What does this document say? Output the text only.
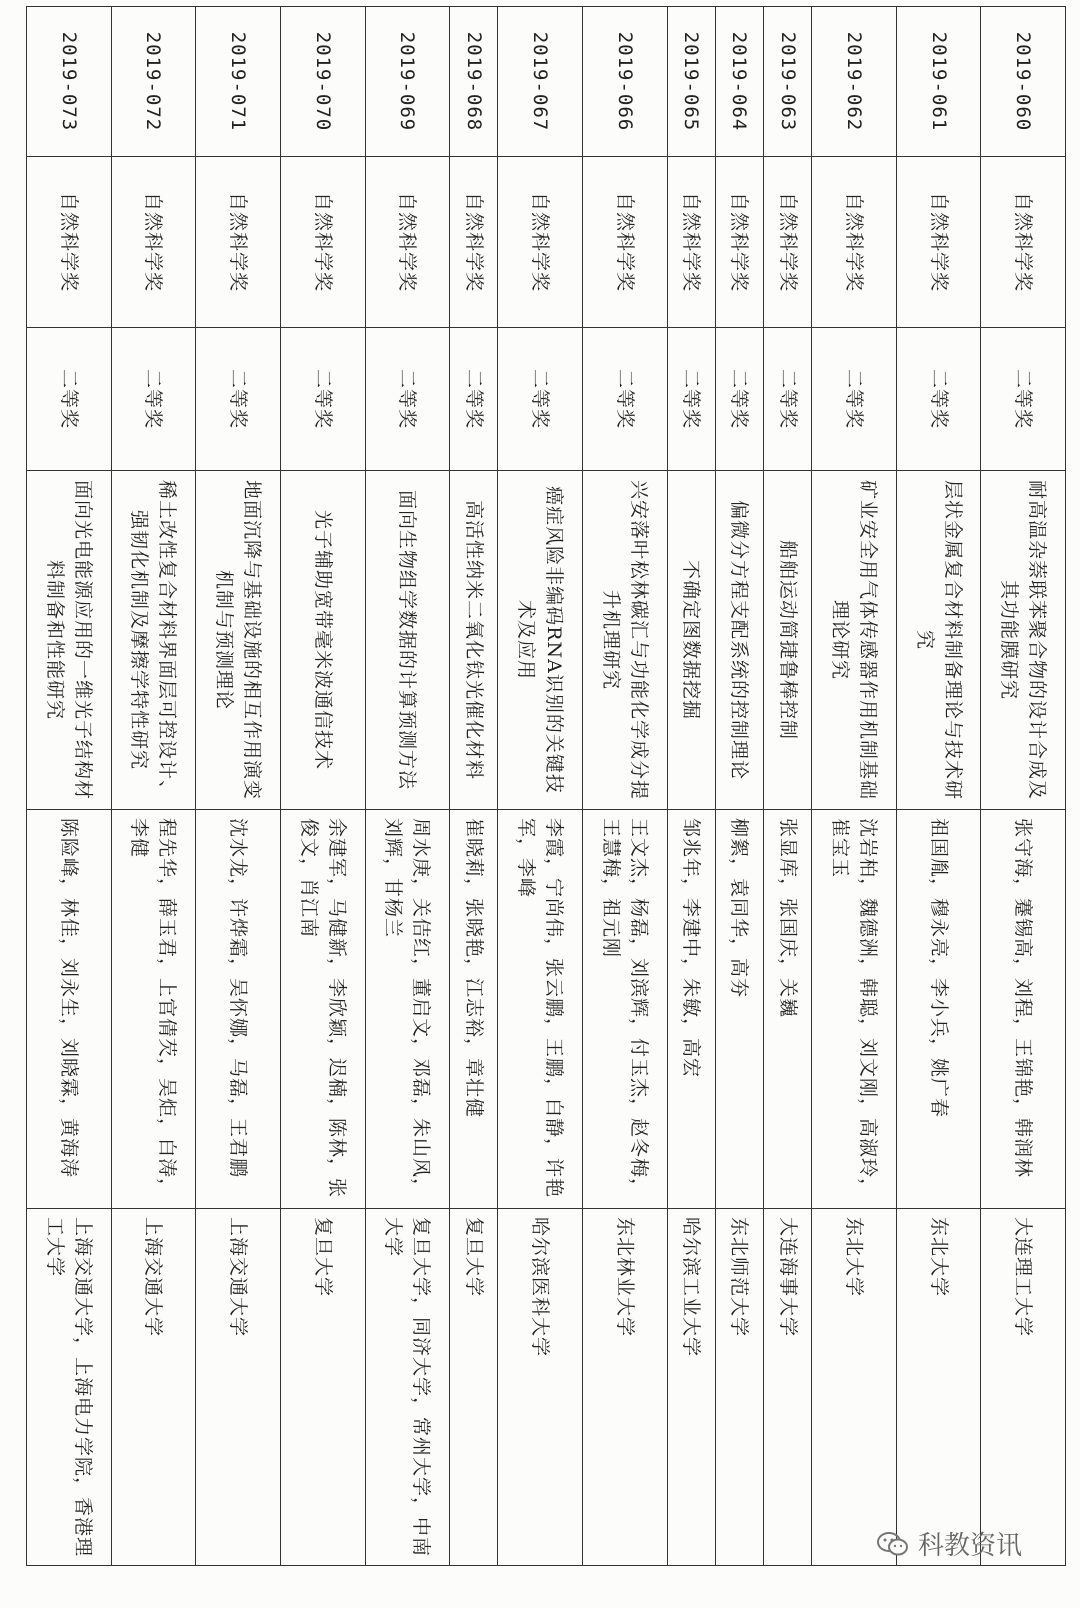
2019-060	自然科学奖	二等奖	耐高温杂萘联苯聚合物的设计合成及其功能膜研究	张守海，蹇锡高，刘程，王锦艳，韩润林	大连理工大学
2019-061	自然科学奖	二等奖	层状金属复合材料制备理论与技术研究	祖国胤，穆永亮，李小兵，姚广春	东北大学
2019-062	自然科学奖	二等奖	矿业安全用气体传感器作用机制基础理论研究	沈岩柏，魏德洲，韩聪，刘文刚，高淑玲，崔宝玉	东北大学
2019-063	自然科学奖	二等奖	船舶运动简捷鲁棒控制	张显库，张国庆，关巍	大连海事大学
2019-064	自然科学奖	二等奖	偏微分方程支配系统的控制理论	柳絮，袁同华，高夯	东北师范大学
2019-065	自然科学奖	二等奖	不确定图数据挖掘	邹兆年，李建中，朱敏，高宏	哈尔滨工业大学
2019-066	自然科学奖	二等奖	兴安落叶松林碳汇与功能化学成分提升机理研究	王文杰，杨磊，刘滨辉，付玉杰，赵冬梅，王慧梅，祖元刚	东北林业大学
2019-067	自然科学奖	二等奖	癌症风险非编码RNA识别的关键技术及应用	李霞，宁尚伟，张云鹏，王鹏，白静，许艳军，李峰	哈尔滨医科大学
2019-068	自然科学奖	二等奖	高活性纳米二氧化钛光催化材料	崔晓莉，张晓艳，江志裕，章壮健	复旦大学
2019-069	自然科学奖	二等奖	面向生物组学数据的计算预测方法	周水庚，关佶红，董启文，邓磊，朱山风，刘辉，甘杨兰	复旦大学，同济大学，常州大学，中南大学
2019-070	自然科学奖	二等奖	光子辅助宽带毫米波通信技术	余建军，马健新，李欣颖，迟楠，陈林，张俊文，肖江南	复旦大学
2019-071	自然科学奖	二等奖	地面沉降与基础设施的相互作用演变机制与预测理论	沈水龙，许烨霜，吴怀娜，马磊，王君鹏	上海交通大学
2019-072	自然科学奖	二等奖	稀土改性复合材料界面层可控设计、强韧化机制及摩擦学特性研究	程先华，薛玉君，上官倩芡，吴炬，白涛，李健	上海交通大学
2019-073	自然科学奖	二等奖	面向光电能源应用的一维光子结构材料制备和性能研究	陈险峰，林佳，刘永生，刘晓霖，黄海涛	上海交通大学，上海电力学院，香港理工大学
科教资讯
